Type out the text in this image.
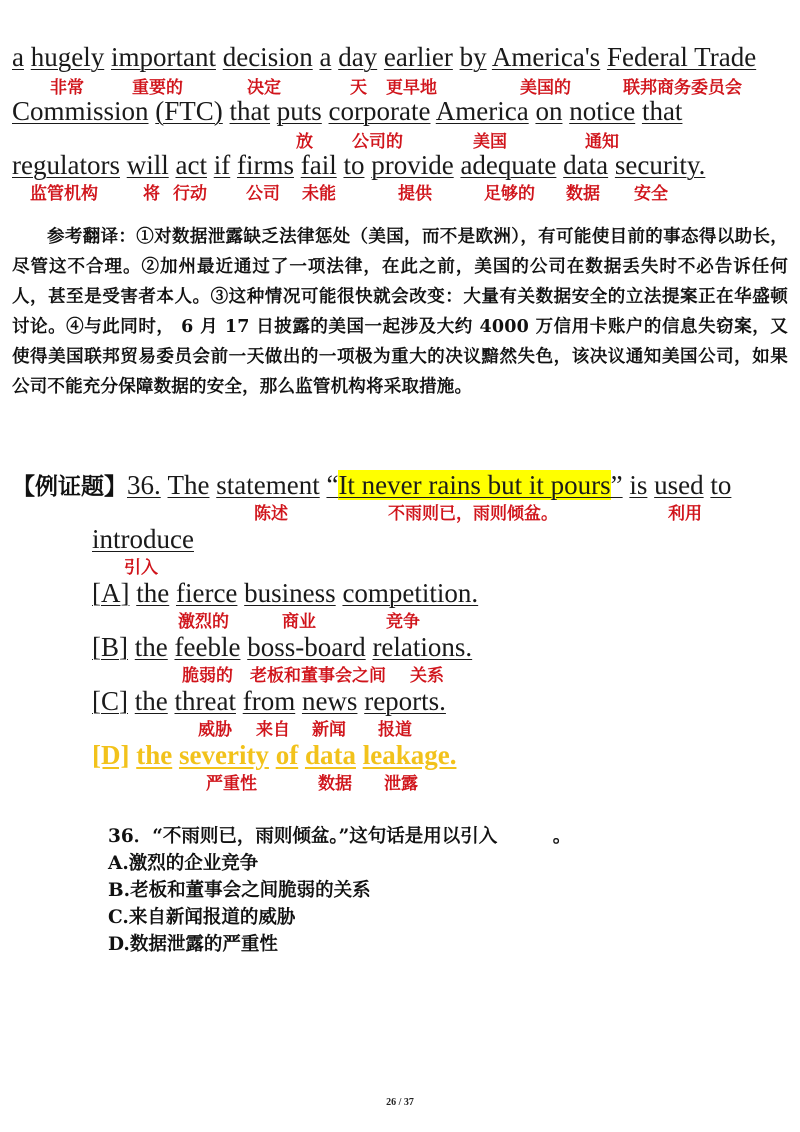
a hugely important decision a day earlier by America's Federal Trade
非常	重要的	决定	天 更早地	美国的	联邦商务委员会
Commission (FTC) that puts corporate America on notice that
放 公司的	美国	通知
regulators will act if firms fail to provide adequate data security.
监管机构	将 行动 公司 未能	提供	足够的 数据 安全

参考翻译：①对数据泄露缺乏法律惩处（美国，而不是欧洲），有可能使目前的事态得以助长，尽管这不合理。②加州最近通过了一项法律，在此之前，美国的公司在数据丢失时不必告诉任何人，甚至是受害者本人。③这种情况可能很快就会改变：大量有关数据安全的立法提案正在华盛顿讨论。④与此同时， 6 月 17 日披露的美国一起涉及大约 4000 万信用卡账户的信息失窃案，又使得美国联邦贸易委员会前一天做出的一项极为重大的决议黯然失色，该决议通知美国公司，如果公司不能充分保障数据的安全，那么监管机构将采取措施。

【例证题】36. The statement “It never rains but it pours” is used to
陈述	不雨则已，雨则倾盆。	利用
introduce
引入
[A] the fierce business competition.
激烈的	商业	竞争
[B] the feeble boss-board relations.
脆弱的 老板和董事会之间 关系
[C] the threat from news reports.
威胁 来自 新闻 报道
[D] the severity of data leakage.
严重性	数据 泄露
36．“不雨则已，雨则倾盆。”这句话是用以引入　　　。
A.激烈的企业竞争
B.老板和董事会之间脆弱的关系
C.来自新闻报道的威胁
D.数据泄露的严重性
26 / 37
